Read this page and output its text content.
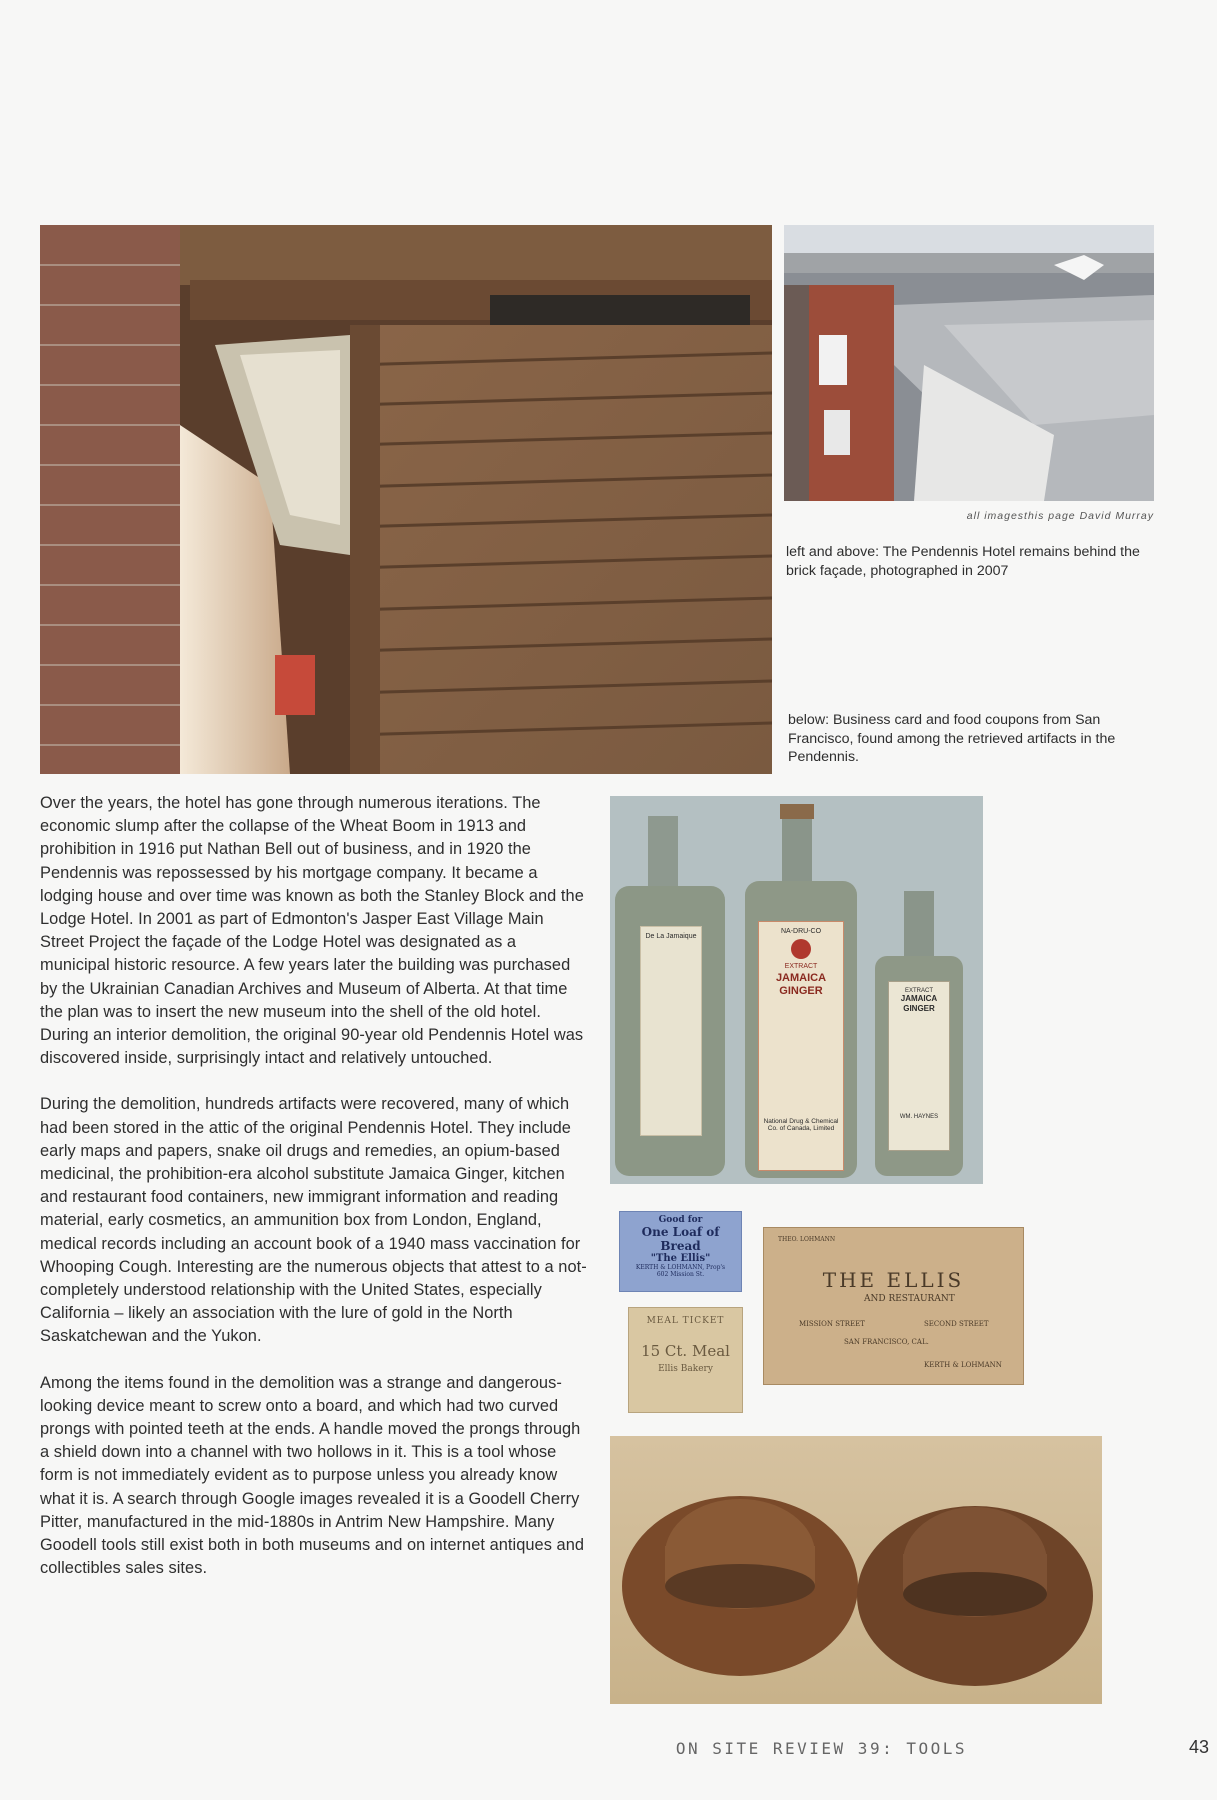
all imagesthis page David Murray
left and above: The Pendennis Hotel remains behind the brick façade, photographed in 2007
below: Business card and food coupons from San Francisco, found among the retrieved artifacts in the Pendennis.

Over the years, the hotel has gone through numerous iterations. The economic slump after the collapse of the Wheat Boom in 1913 and prohibition in 1916 put Nathan Bell out of business, and in 1920 the Pendennis was repossessed by his mortgage company. It became a lodging house and over time was known as both the Stanley Block and the Lodge Hotel. In 2001 as part of Edmonton's Jasper East Village Main Street Project the façade of the Lodge Hotel was designated as a municipal historic resource. A few years later the building was purchased by the Ukrainian Canadian Archives and Museum of Alberta. At that time the plan was to insert the new museum into the shell of the old hotel. During an interior demolition, the original 90-year old Pendennis Hotel was discovered inside, surprisingly intact and relatively untouched.

During the demolition, hundreds artifacts were recovered, many of which had been stored in the attic of the original Pendennis Hotel. They include early maps and papers, snake oil drugs and remedies, an opium-based medicinal, the prohibition-era alcohol substitute Jamaica Ginger, kitchen and restaurant food containers, new immigrant information and reading material, early cosmetics, an ammunition box from London, England, medical records including an account book of a 1940 mass vaccination for Whooping Cough. Interesting are the numerous objects that attest to a not-completely understood relationship with the United States, especially California – likely an association with the lure of gold in the North Saskatchewan and the Yukon.

Among the items found in the demolition was a strange and dangerous-looking device meant to screw onto a board, and which had two curved prongs with pointed teeth at the ends. A handle moved the prongs through a shield down into a channel with two hollows in it. This is a tool whose form is not immediately evident as to purpose unless you already know what it is. A search through Google images revealed it is a Goodell Cherry Pitter, manufactured in the mid-1880s in Antrim New Hampshire. Many Goodell tools still exist both in both museums and on internet antiques and collectibles sales sites.

De La Jamaique
NA-DRU-CO
EXTRACT
JAMAICA GINGER
National Drug & Chemical Co. of Canada, Limited
EXTRACT
JAMAICA GINGER
WM. HAYNES
Good for
One Loaf of Bread
"The Ellis"
KERTH & LOHMANN, Prop's
602 Mission St.
MEAL TICKET
15 Ct. Meal
Ellis Bakery
THEO. LOHMANN
THE ELLIS
AND RESTAURANT
MISSION STREET	SECOND STREET
SAN FRANCISCO, CAL.
KERTH & LOHMANN
ON SITE REVIEW 39: TOOLS	43
